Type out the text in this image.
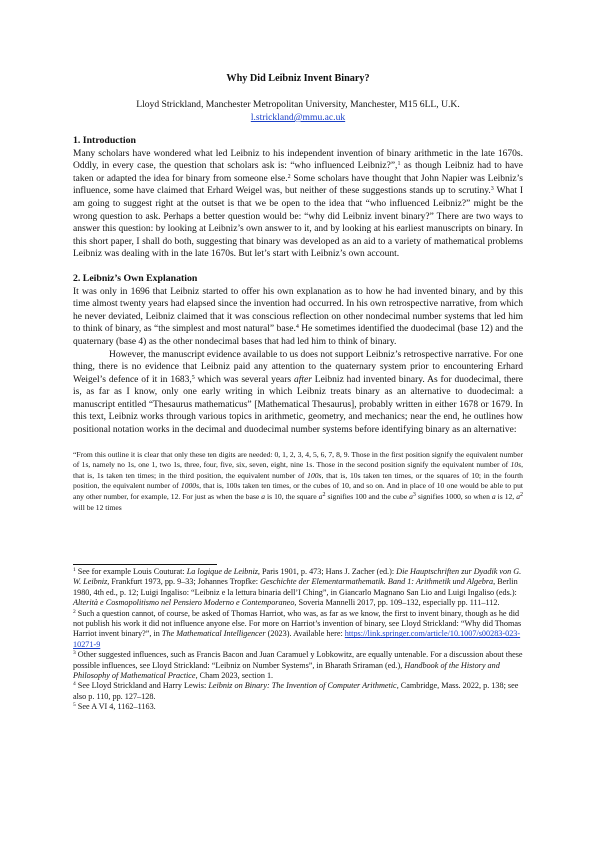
Why Did Leibniz Invent Binary?
Lloyd Strickland, Manchester Metropolitan University, Manchester, M15 6LL, U.K.
l.strickland@mmu.ac.uk
1. Introduction

Many scholars have wondered what led Leibniz to his independent invention of binary arithmetic in the late 1670s. Oddly, in every case, the question that scholars ask is: “who influenced Leibniz?”,$^1$ as though Leibniz had to have taken or adapted the idea for binary from someone else.$^2$ Some scholars have thought that John Napier was Leibniz’s influence, some have claimed that Erhard Weigel was, but neither of these suggestions stands up to scrutiny.$^3$ What I am going to suggest right at the outset is that we be open to the idea that “who influenced Leibniz?” might be the wrong question to ask. Perhaps a better question would be: “why did Leibniz invent binary?” There are two ways to answer this question: by looking at Leibniz’s own answer to it, and by looking at his earliest manuscripts on binary. In this short paper, I shall do both, suggesting that binary was developed as an aid to a variety of mathematical problems Leibniz was dealing with in the late 1670s. But let’s start with Leibniz’s own account.

2. Leibniz’s Own Explanation

It was only in 1696 that Leibniz started to offer his own explanation as to how he had invented binary, and by this time almost twenty years had elapsed since the invention had occurred. In his own retrospective narrative, from which he never deviated, Leibniz claimed that it was conscious reflection on other nondecimal number systems that led him to think of binary, as “the simplest and most natural” base.$^4$ He sometimes identified the duodecimal (base 12) and the quaternary (base 4) as the other nondecimal bases that had led him to think of binary.

However, the manuscript evidence available to us does not support Leibniz’s retrospective narrative. For one thing, there is no evidence that Leibniz paid any attention to the quaternary system prior to encountering Erhard Weigel’s defence of it in 1683,$^5$ which was several years after Leibniz had invented binary. As for duodecimal, there is, as far as I know, only one early writing in which Leibniz treats binary as an alternative to duodecimal: a manuscript entitled “Thesaurus mathematicus” [Mathematical Thesaurus], probably written in either 1678 or 1679. In this text, Leibniz works through various topics in arithmetic, geometry, and mechanics; near the end, he outlines how positional notation works in the decimal and duodecimal number systems before identifying binary as an alternative:

“From this outline it is clear that only these ten digits are needed: 0, 1, 2, 3, 4, 5, 6, 7, 8, 9. Those in the first position signify the equivalent number of 1s, namely no 1s, one 1, two 1s, three, four, five, six, seven, eight, nine 1s. Those in the second position signify the equivalent number of 10s, that is, 1s taken ten times; in the third position, the equivalent number of 100s, that is, 10s taken ten times, or the squares of 10; in the fourth position, the equivalent number of 1000s, that is, 100s taken ten times, or the cubes of 10, and so on. And in place of 10 one would be able to put any other number, for example, 12. For just as when the base a is 10, the square $a^2$ signifies 100 and the cube $a^3$ signifies 1000, so when a is 12, $a^2$ will be 12 times

$^1$ See for example Louis Couturat: La logique de Leibniz, Paris 1901, p. 473; Hans J. Zacher (ed.): Die Hauptschriften zur Dyadik von G. W. Leibniz, Frankfurt 1973, pp. 9–33; Johannes Tropfke: Geschichte der Elementarmathematik. Band 1: Arithmetik und Algebra, Berlin 1980, 4th ed., p. 12; Luigi Ingaliso: “Leibniz e la lettura binaria dell’I Ching”, in Giancarlo Magnano San Lio and Luigi Ingaliso (eds.): Alterità e Cosmopolitismo nel Pensiero Moderno e Contemporaneo, Soveria Mannelli 2017, pp. 109–132, especially pp. 111–112.

$^2$ Such a question cannot, of course, be asked of Thomas Harriot, who was, as far as we know, the first to invent binary, though as he did not publish his work it did not influence anyone else. For more on Harriot’s invention of binary, see Lloyd Strickland: “Why did Thomas Harriot invent binary?”, in The Mathematical Intelligencer (2023). Available here: https://link.springer.com/article/10.1007/s00283-023-10271-9

$^3$ Other suggested influences, such as Francis Bacon and Juan Caramuel y Lobkowitz, are equally untenable. For a discussion about these possible influences, see Lloyd Strickland: “Leibniz on Number Systems”, in Bharath Sriraman (ed.), Handbook of the History and Philosophy of Mathematical Practice, Cham 2023, section 1.

$^4$ See Lloyd Strickland and Harry Lewis: Leibniz on Binary: The Invention of Computer Arithmetic, Cambridge, Mass. 2022, p. 138; see also p. 110, pp. 127–128.

$^5$ See A VI 4, 1162–1163.
